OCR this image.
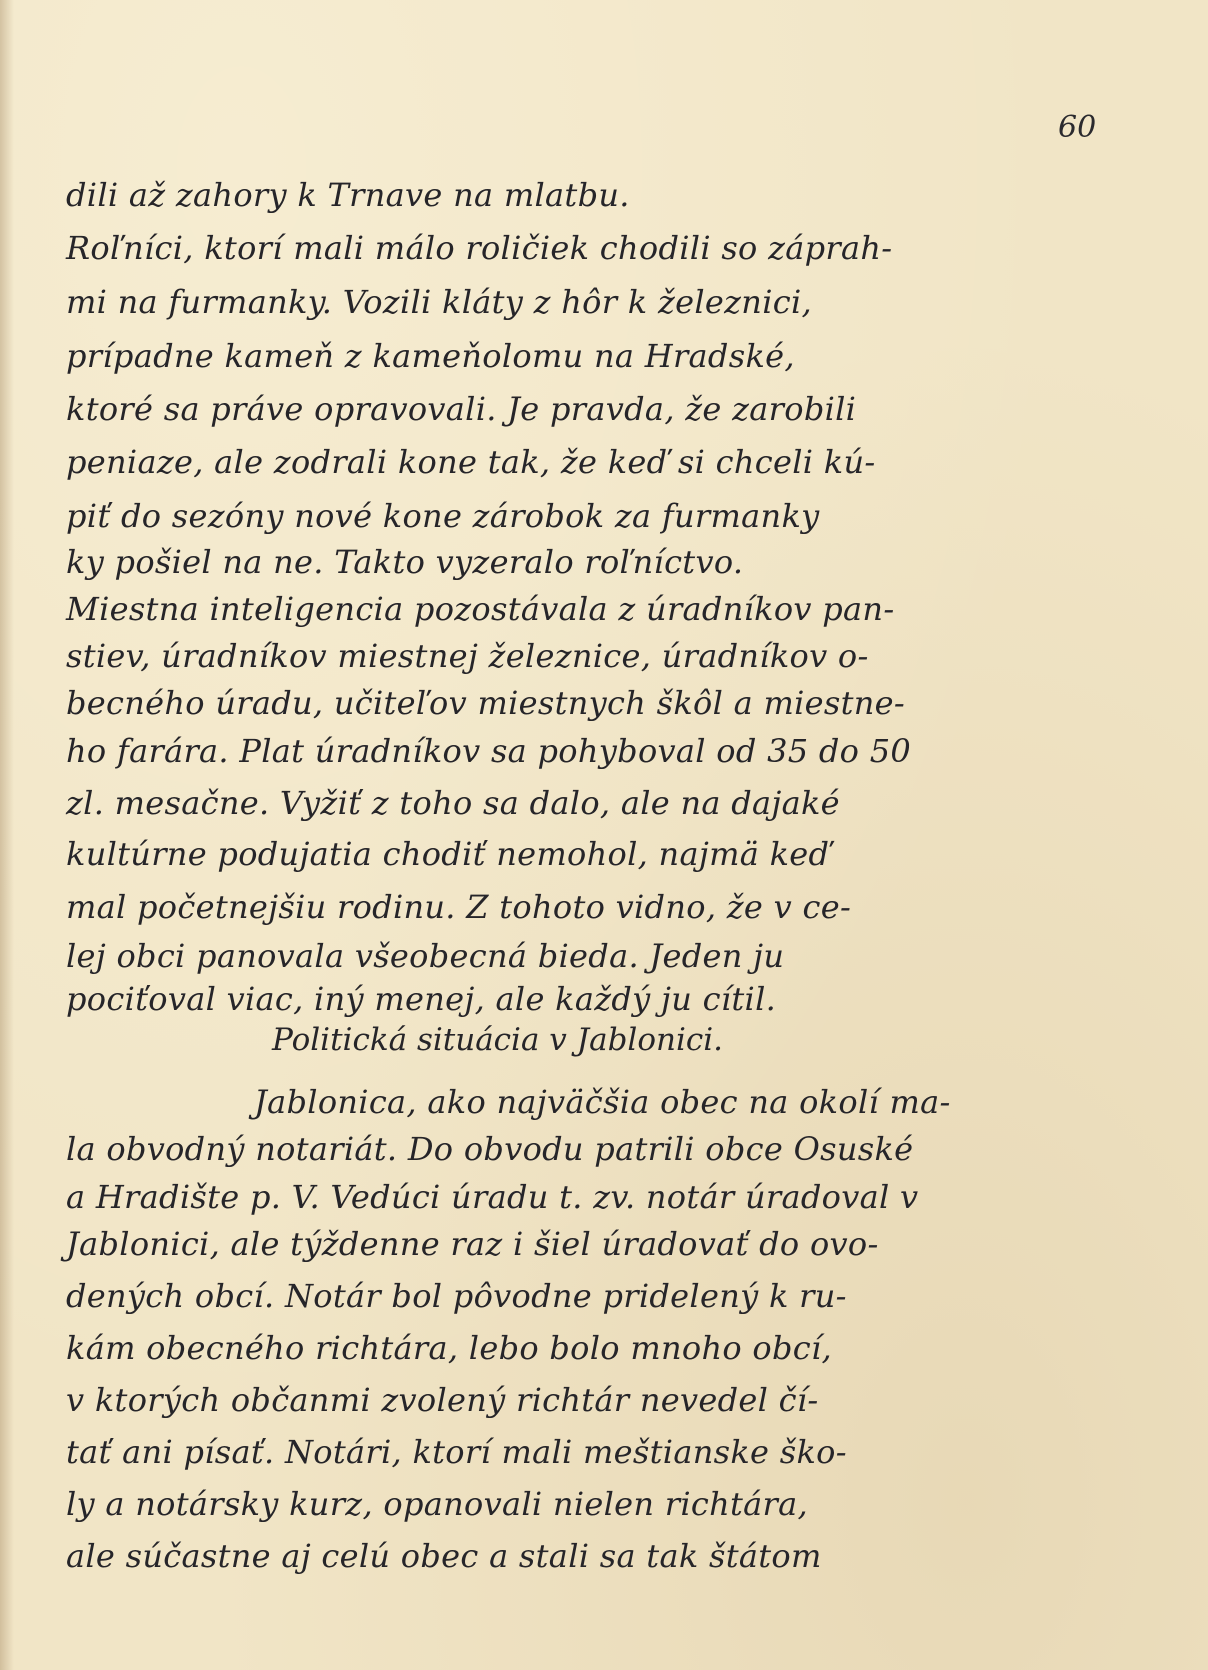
60
dili až zahory k Trnave na mlatbu.
Roľníci, ktorí mali málo roličiek chodili so záprah-
mi na furmanky. Vozili kláty z hôr k železnici,
prípadne kameň z kameňolomu na Hradské,
ktoré sa práve opravovali. Je pravda, že zarobili
peniaze, ale zodrali kone tak, že keď si chceli kú-
piť do sezóny nové kone zárobok za furmanky
ky pošiel na ne. Takto vyzeralo roľníctvo.
Miestna inteligencia pozostávala z úradníkov pan-
stiev, úradníkov miestnej železnice, úradníkov o-
becného úradu, učiteľov miestnych škôl a miestne-
ho farára. Plat úradníkov sa pohyboval od 35 do 50
zl. mesačne. Vyžiť z toho sa dalo, ale na dajaké
kultúrne podujatia chodiť nemohol, najmä keď
mal početnejšiu rodinu. Z tohoto vidno, že v ce-
lej obci panovala všeobecná bieda. Jeden ju
pociťoval viac, iný menej, ale každý ju cítil.
Politická situácia v Jablonici.
Jablonica, ako najväčšia obec na okolí ma-
la obvodný notariát. Do obvodu patrili obce Osuské
a Hradište p. V. Vedúci úradu t. zv. notár úradoval v
Jablonici, ale týždenne raz i šiel úradovať do ovo-
dených obcí. Notár bol pôvodne pridelený k ru-
kám obecného richtára, lebo bolo mnoho obcí,
v ktorých občanmi zvolený richtár nevedel čí-
tať ani písať. Notári, ktorí mali meštianske ško-
ly a notársky kurz, opanovali nielen richtára,
ale súčastne aj celú obec a stali sa tak štátom
